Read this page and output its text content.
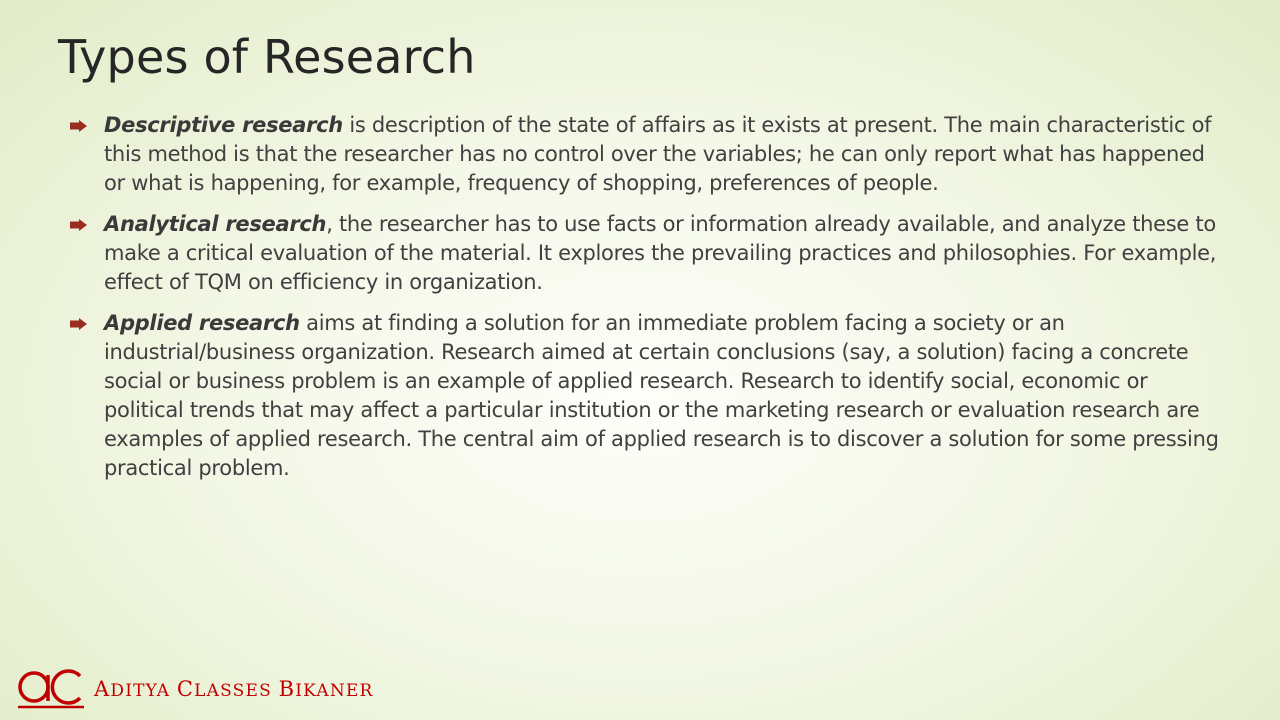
Types of Research
Descriptive research is description of the state of affairs as it exists at present. The main characteristic of this method is that the researcher has no control over the variables; he can only report what has happened or what is happening, for example, frequency of shopping, preferences of people.
Analytical research, the researcher has to use facts or information already available, and analyze these to make a critical evaluation of the material. It explores the prevailing practices and philosophies. For example, effect of TQM on efficiency in organization.
Applied research aims at finding a solution for an immediate problem facing a society or an industrial/business organization. Research aimed at certain conclusions (say, a solution) facing a concrete social or business problem is an example of applied research. Research to identify social, economic or political trends that may affect a particular institution or the marketing research or evaluation research are examples of applied research. The central aim of applied research is to discover a solution for some pressing practical problem.
ADITYA CLASSES BIKANER
